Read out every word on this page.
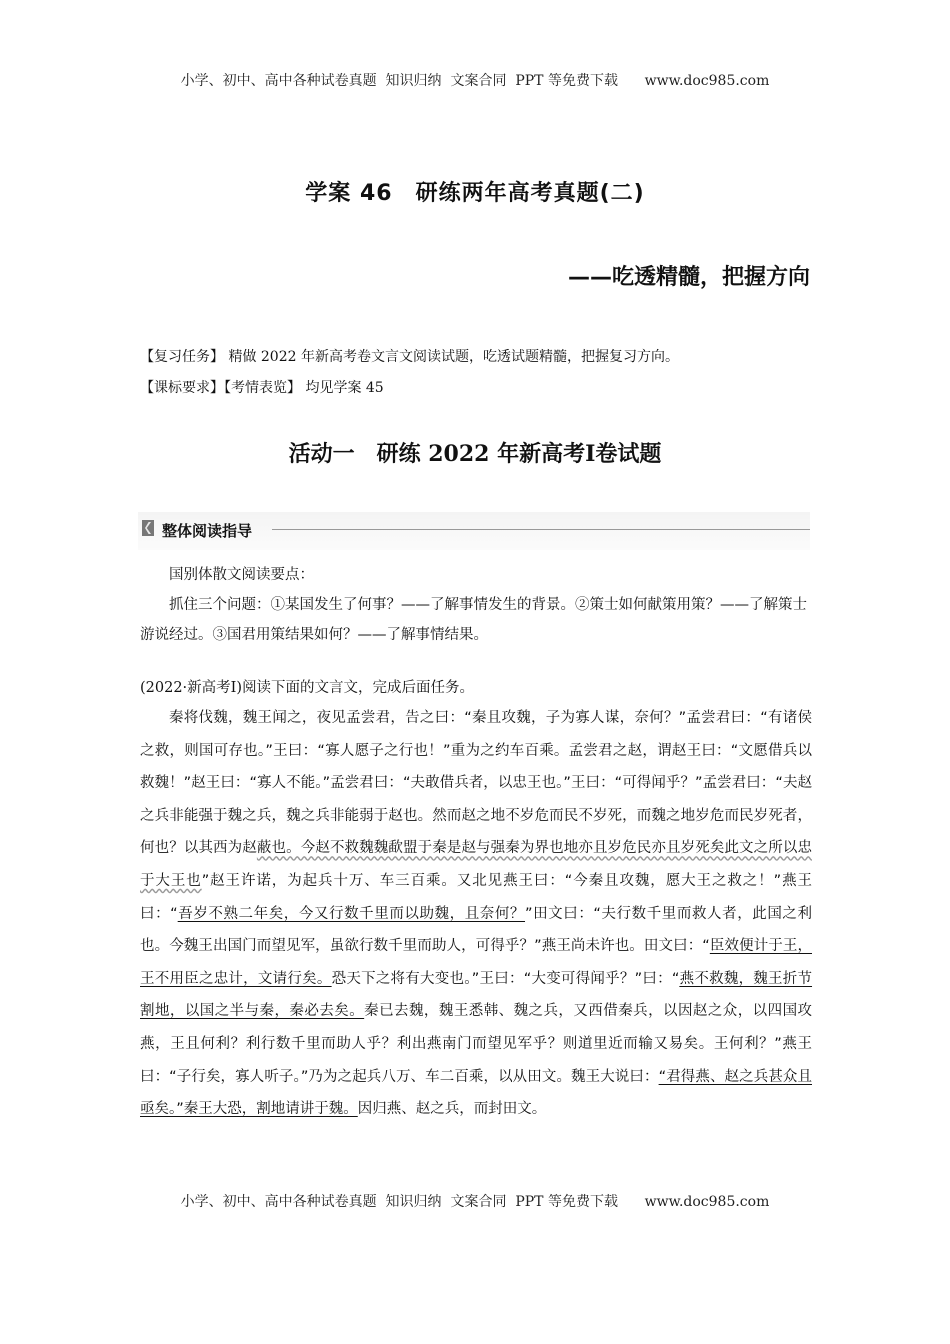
小学、初中、高中各种试卷真题  知识归纳  文案合同  PPT 等免费下载      www.doc985.com
学案 46　研练两年高考真题(二)
——吃透精髓，把握方向
【复习任务】 精做 2022 年新高考卷文言文阅读试题，吃透试题精髓，把握复习方向。
【课标要求】【考情表览】 均见学案 45
活动一　研练 2022 年新高考Ⅰ卷试题
整体阅读指导
国别体散文阅读要点：
抓住三个问题：①某国发生了何事？——了解事情发生的背景。②策士如何献策用策？——了解策士游说经过。③国君用策结果如何？——了解事情结果。
(2022·新高考Ⅰ)阅读下面的文言文，完成后面任务。
秦将伐魏，魏王闻之，夜见孟尝君，告之曰：“秦且攻魏，子为寡人谋，奈何？”孟尝君曰：“有诸侯之救，则国可存也。”王曰：“寡人愿子之行也！”重为之约车百乘。孟尝君之赵，谓赵王曰：“文愿借兵以救魏！”赵王曰：“寡人不能。”孟尝君曰：“夫敢借兵者，以忠王也。”王曰：“可得闻乎？”孟尝君曰：“夫赵之兵非能强于魏之兵，魏之兵非能弱于赵也。然而赵之地不岁危而民不岁死，而魏之地岁危而民岁死者，何也？以其西为赵蔽也。今赵不救魏魏歃盟于秦是赵与强秦为界也地亦且岁危民亦且岁死矣此文之所以忠于大王也”赵王许诺，为起兵十万、车三百乘。又北见燕王曰：“今秦且攻魏，愿大王之救之！”燕王曰：“吾岁不熟二年矣，今又行数千里而以助魏，且奈何？”田文曰：“夫行数千里而救人者，此国之利也。今魏王出国门而望见军，虽欲行数千里而助人，可得乎？”燕王尚未许也。田文曰：“臣效便计于王，王不用臣之忠计，文请行矣。恐天下之将有大变也。”王曰：“大变可得闻乎？”曰：“燕不救魏，魏王折节割地，以国之半与秦，秦必去矣。秦已去魏，魏王悉韩、魏之兵，又西借秦兵，以因赵之众，以四国攻燕，王且何利？利行数千里而助人乎？利出燕南门而望见军乎？则道里近而输又易矣。王何利？”燕王曰：“子行矣，寡人听子。”乃为之起兵八万、车二百乘，以从田文。魏王大说曰：“君得燕、赵之兵甚众且亟矣。”秦王大恐，割地请讲于魏。因归燕、赵之兵，而封田文。
小学、初中、高中各种试卷真题  知识归纳  文案合同  PPT 等免费下载      www.doc985.com
